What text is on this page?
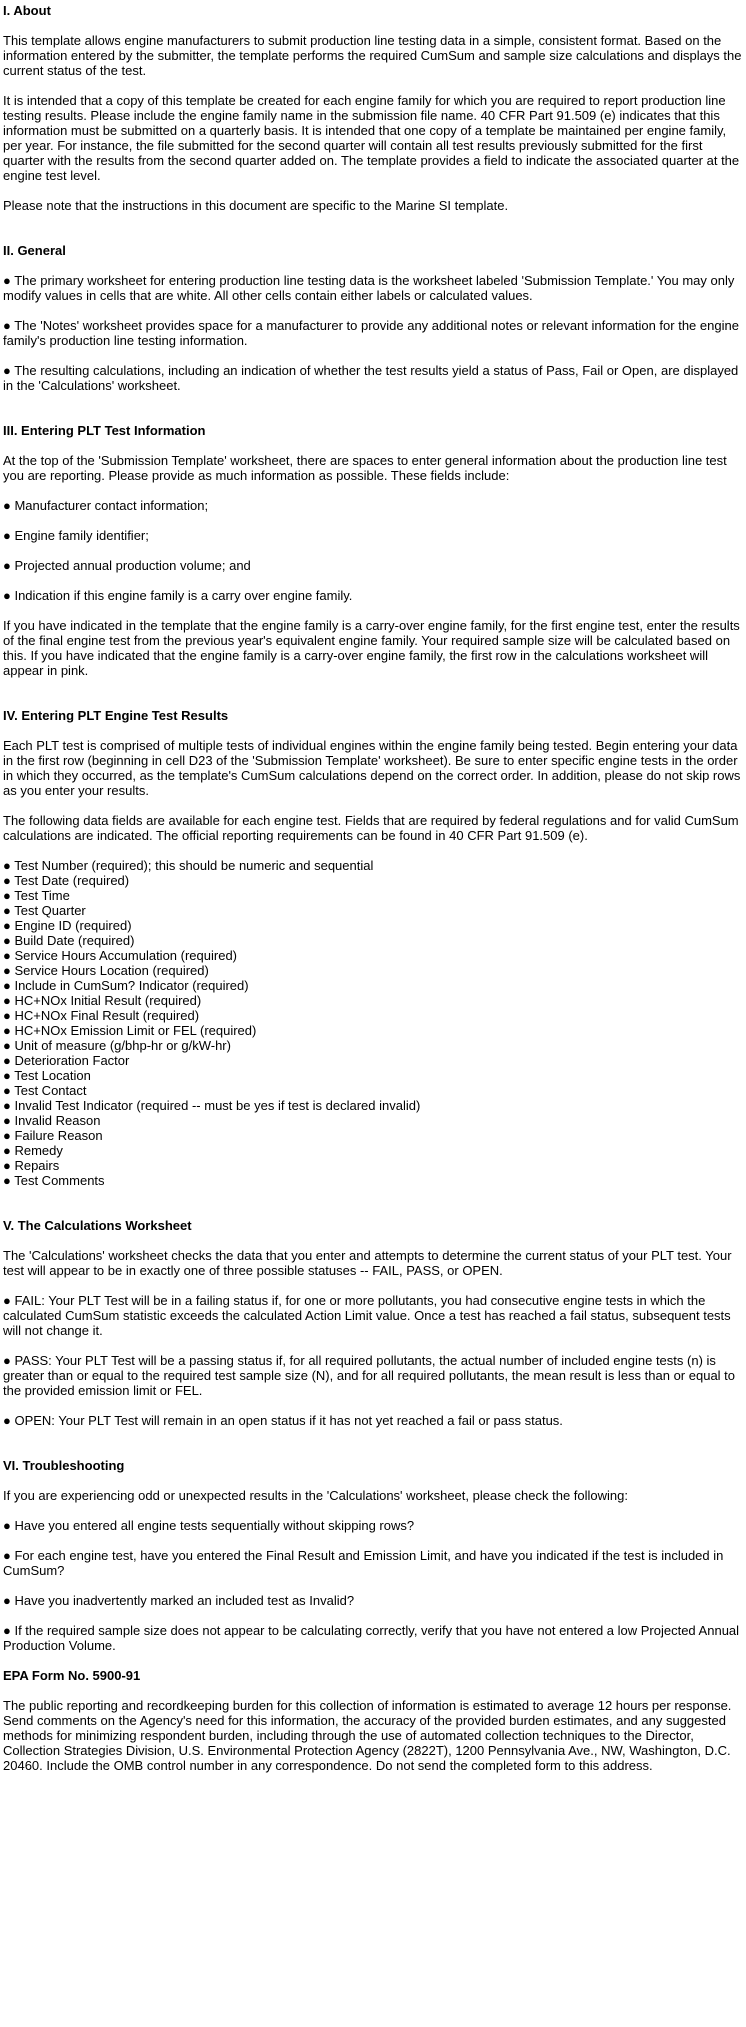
I. About

This template allows engine manufacturers to submit production line testing data in a simple, consistent format. Based on the information entered by the submitter, the template performs the required CumSum and sample size calculations and displays the current status of the test.

It is intended that a copy of this template be created for each engine family for which you are required to report production line testing results. Please include the engine family name in the submission file name. 40 CFR Part 91.509 (e) indicates that this information must be submitted on a quarterly basis. It is intended that one copy of a template be maintained per engine family, per year. For instance, the file submitted for the second quarter will contain all test results previously submitted for the first quarter with the results from the second quarter added on. The template provides a field to indicate the associated quarter at the engine test level.

Please note that the instructions in this document are specific to the Marine SI template.

II. General

● The primary worksheet for entering production line testing data is the worksheet labeled 'Submission Template.' You may only modify values in cells that are white. All other cells contain either labels or calculated values.

● The 'Notes' worksheet provides space for a manufacturer to provide any additional notes or relevant information for the engine family's production line testing information.

● The resulting calculations, including an indication of whether the test results yield a status of Pass, Fail or Open, are displayed in the 'Calculations' worksheet.

III. Entering PLT Test Information

At the top of the 'Submission Template' worksheet, there are spaces to enter general information about the production line test you are reporting. Please provide as much information as possible. These fields include:

● Manufacturer contact information;

● Engine family identifier;

● Projected annual production volume; and

● Indication if this engine family is a carry over engine family.

If you have indicated in the template that the engine family is a carry-over engine family, for the first engine test, enter the results of the final engine test from the previous year's equivalent engine family. Your required sample size will be calculated based on this. If you have indicated that the engine family is a carry-over engine family, the first row in the calculations worksheet will appear in pink.

IV. Entering PLT Engine Test Results

Each PLT test is comprised of multiple tests of individual engines within the engine family being tested. Begin entering your data in the first row (beginning in cell D23 of the 'Submission Template' worksheet). Be sure to enter specific engine tests in the order in which they occurred, as the template's CumSum calculations depend on the correct order. In addition, please do not skip rows as you enter your results.

The following data fields are available for each engine test. Fields that are required by federal regulations and for valid CumSum calculations are indicated. The official reporting requirements can be found in 40 CFR Part 91.509 (e).

● Test Number (required); this should be numeric and sequential
● Test Date (required)
● Test Time
● Test Quarter
● Engine ID (required)
● Build Date (required)
● Service Hours Accumulation (required)
● Service Hours Location (required)
● Include in CumSum? Indicator (required)
● HC+NOx Initial Result (required)
● HC+NOx Final Result (required)
● HC+NOx Emission Limit or FEL (required)
● Unit of measure (g/bhp-hr or g/kW-hr)
● Deterioration Factor
● Test Location
● Test Contact
● Invalid Test Indicator (required -- must be yes if test is declared invalid)
● Invalid Reason
● Failure Reason
● Remedy
● Repairs
● Test Comments
V. The Calculations Worksheet

The 'Calculations' worksheet checks the data that you enter and attempts to determine the current status of your PLT test. Your test will appear to be in exactly one of three possible statuses -- FAIL, PASS, or OPEN.

● FAIL: Your PLT Test will be in a failing status if, for one or more pollutants, you had consecutive engine tests in which the calculated CumSum statistic exceeds the calculated Action Limit value. Once a test has reached a fail status, subsequent tests will not change it.

● PASS: Your PLT Test will be a passing status if, for all required pollutants, the actual number of included engine tests (n) is greater than or equal to the required test sample size (N), and for all required pollutants, the mean result is less than or equal to the provided emission limit or FEL.

● OPEN: Your PLT Test will remain in an open status if it has not yet reached a fail or pass status.

VI. Troubleshooting

If you are experiencing odd or unexpected results in the 'Calculations' worksheet, please check the following:

● Have you entered all engine tests sequentially without skipping rows?

● For each engine test, have you entered the Final Result and Emission Limit, and have you indicated if the test is included in CumSum?

● Have you inadvertently marked an included test as Invalid?

● If the required sample size does not appear to be calculating correctly, verify that you have not entered a low Projected Annual Production Volume.

EPA Form No. 5900-91

The public reporting and recordkeeping burden for this collection of information is estimated to average 12 hours per response. Send comments on the Agency's need for this information, the accuracy of the provided burden estimates, and any suggested methods for minimizing respondent burden, including through the use of automated collection techniques to the Director, Collection Strategies Division, U.S. Environmental Protection Agency (2822T), 1200 Pennsylvania Ave., NW, Washington, D.C. 20460. Include the OMB control number in any correspondence. Do not send the completed form to this address.
